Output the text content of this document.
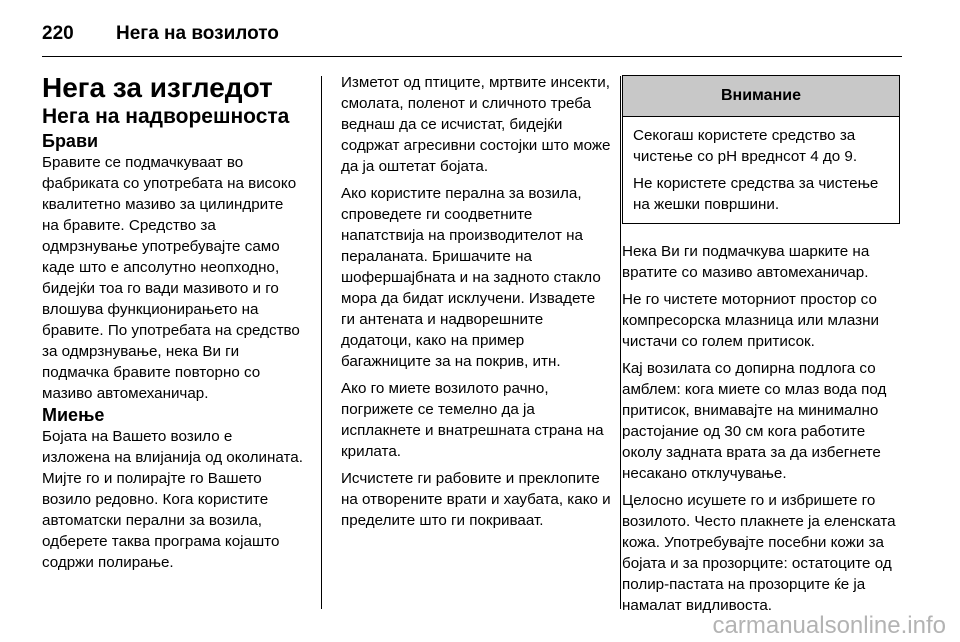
220 Нега на возилото

Нега за изгледот

Нега на надворешноста

Брави

Бравите се подмачкуваат во фабриката со употребата на високо квалитетно мазиво за цилиндрите на бравите. Средство за одмрзнување употребувајте само каде што е апсолутно неопходно, бидејќи тоа го вади мазивото и го влошува функционирањето на бравите. По употребата на средство за одмрзнување, нека Ви ги подмачка бравите повторно со мазиво автомеханичар.

Миење

Бојата на Вашето возило е изложена на влијанија од околината. Мијте го и полирајте го Вашето возило редовно. Кога користите автоматски перални за возила, одберете таква програма којашто содржи полирање.

Изметот од птиците, мртвите инсекти, смолата, поленот и сличното треба веднаш да се исчистат, бидејќи содржат агресивни состојки што може да ја оштетат бојата.

Ако користите перална за возила, спроведете ги соодветните напатствија на производителот на пераланата. Бришачите на шофершајбната и на задното стакло мора да бидат исклучени. Извадете ги антената и надворешните додатоци, како на пример багажниците за на покрив, итн.

Ако го миете возилото рачно, погрижете се темелно да ја исплакнете и внатрешната страна на крилата.

Исчистете ги рабовите и преклопите на отворените врати и хаубата, како и пределите што ги покриваат.

Внимание

Секогаш користете средство за чистење со pH вреднсот 4 до 9.

Не користете средства за чистење на жешки површини.

Нека Ви ги подмачкува шарките на вратите со мазиво автомеханичар.

Не го чистете моторниот простор со компресорска млазница или млазни чистачи со голем притисок.

Кај возилата со допирна подлога со амблем: кога миете со млаз вода под притисок, внимавајте на минимално растојание од 30 см кога работите околу задната врата за да избегнете несакано отклучување.

Целосно исушете го и избришете го возилото. Често плакнете ја еленската кожа. Употребувајте посебни кожи за бојата и за прозорците: остатоците од полир-пастата на прозорците ќе ја намалат видливоста.

carmanualsonline.info
